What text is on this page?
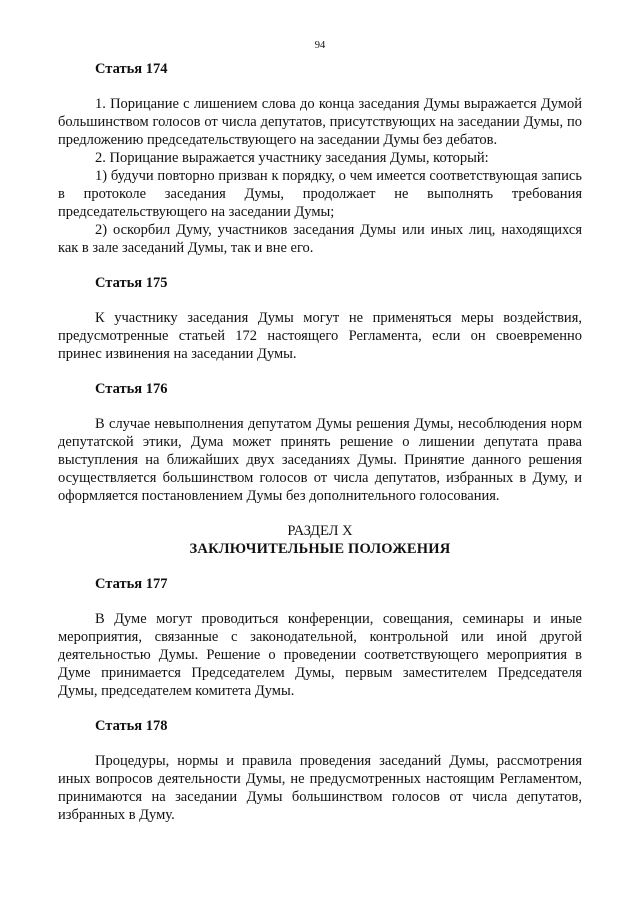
94
Статья 174

1. Порицание с лишением слова до конца заседания Думы выражается Думой большинством голосов от числа депутатов, присутствующих на заседании Думы, по предложению председательствующего на заседании Думы без дебатов.

2. Порицание выражается участнику заседания Думы, который:

1) будучи повторно призван к порядку, о чем имеется соответствующая запись в протоколе заседания Думы, продолжает не выполнять требования председательствующего на заседании Думы;

2) оскорбил Думу, участников заседания Думы или иных лиц, находящихся как в зале заседаний Думы, так и вне его.

Статья 175

К участнику заседания Думы могут не применяться меры воздействия, предусмотренные статьей 172 настоящего Регламента, если он своевременно принес извинения на заседании Думы.

Статья 176

В случае невыполнения депутатом Думы решения Думы, несоблюдения норм депутатской этики, Дума может принять решение о лишении депутата права выступления на ближайших двух заседаниях Думы. Принятие данного решения осуществляется большинством голосов от числа депутатов, избранных в Думу, и оформляется постановлением Думы без дополнительного голосования.

РАЗДЕЛ X
ЗАКЛЮЧИТЕЛЬНЫЕ ПОЛОЖЕНИЯ
Статья 177

В Думе могут проводиться конференции, совещания, семинары и иные мероприятия, связанные с законодательной, контрольной или иной другой деятельностью Думы. Решение о проведении соответствующего мероприятия в Думе принимается Председателем Думы, первым заместителем Председателя Думы, председателем комитета Думы.

Статья 178

Процедуры, нормы и правила проведения заседаний Думы, рассмотрения иных вопросов деятельности Думы, не предусмотренных настоящим Регламентом, принимаются на заседании Думы большинством голосов от числа депутатов, избранных в Думу.
